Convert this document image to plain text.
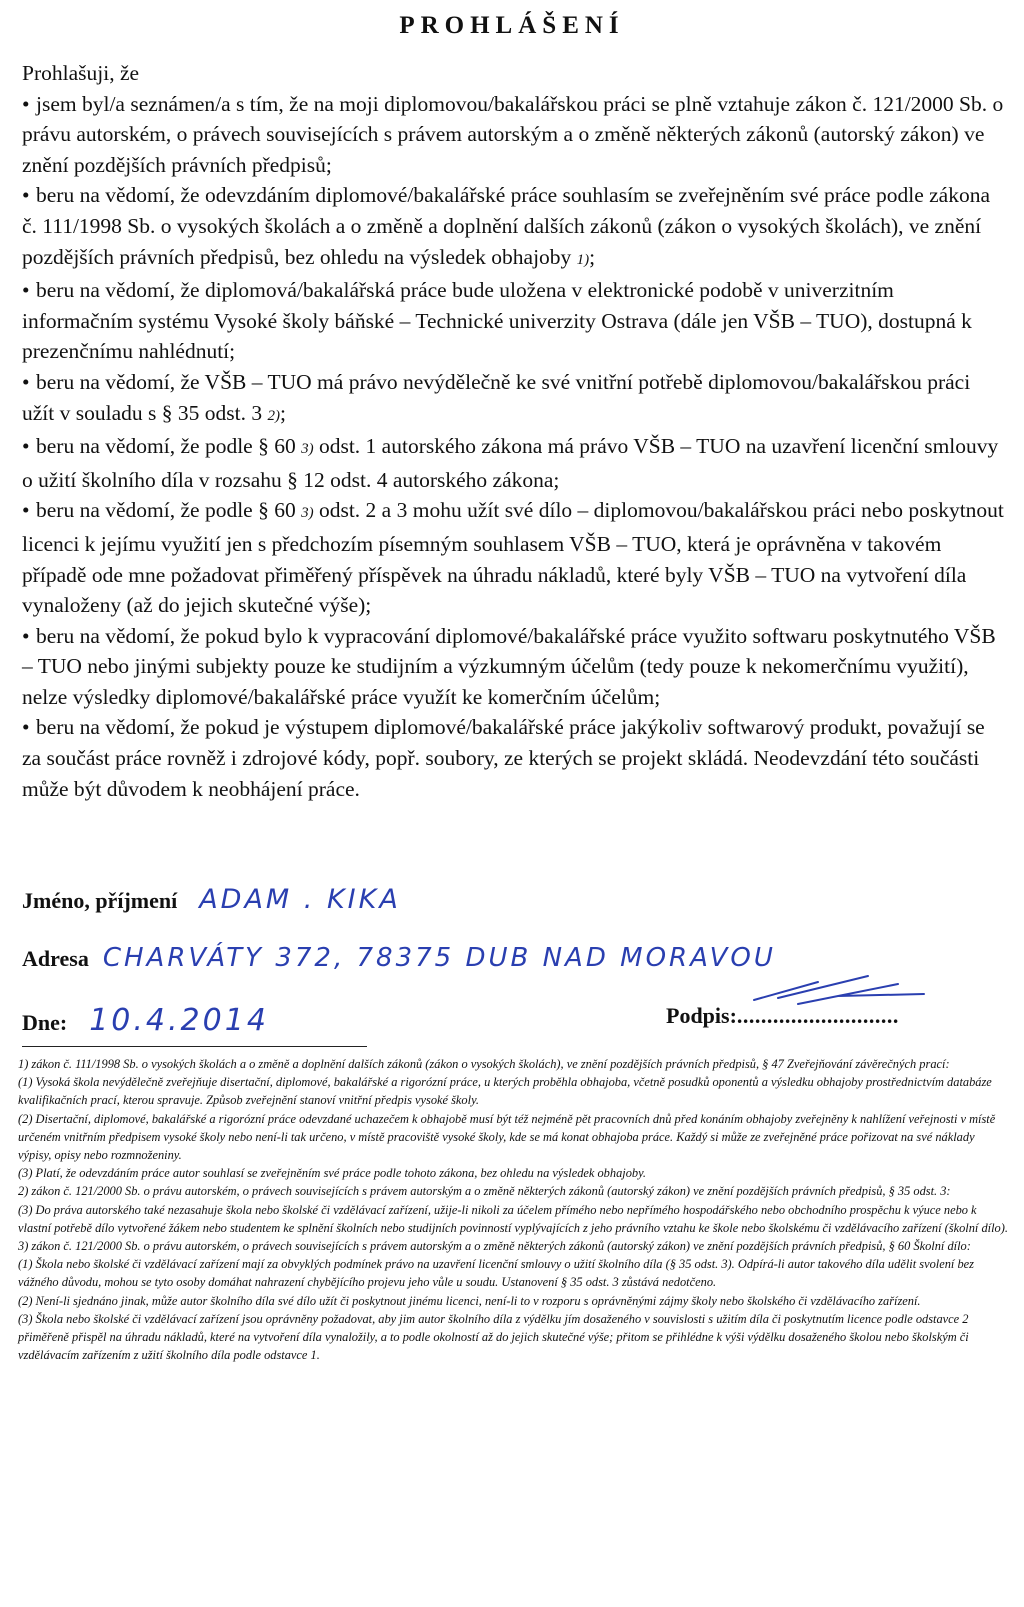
PROHLÁŠENÍ

Prohlašuji, že

• jsem byl/a seznámen/a s tím, že na moji diplomovou/bakalářskou práci se plně vztahuje zákon č. 121/2000 Sb. o právu autorském, o právech souvisejících s právem autorským a o změně některých zákonů (autorský zákon) ve znění pozdějších právních předpisů;

• beru na vědomí, že odevzdáním diplomové/bakalářské práce souhlasím se zveřejněním své práce podle zákona č. 111/1998 Sb. o vysokých školách a o změně a doplnění dalších zákonů (zákon o vysokých školách), ve znění pozdějších právních předpisů, bez ohledu na výsledek obhajoby 1);

• beru na vědomí, že diplomová/bakalářská práce bude uložena v elektronické podobě v univerzitním informačním systému Vysoké školy báňské – Technické univerzity Ostrava (dále jen VŠB – TUO), dostupná k prezenčnímu nahlédnutí;

• beru na vědomí, že VŠB – TUO má právo nevýdělečně ke své vnitřní potřebě diplomovou/bakalářskou práci užít v souladu s § 35 odst. 3 2);

• beru na vědomí, že podle § 60 3) odst. 1 autorského zákona má právo VŠB – TUO na uzavření licenční smlouvy o užití školního díla v rozsahu § 12 odst. 4 autorského zákona;

• beru na vědomí, že podle § 60 3) odst. 2 a 3 mohu užít své dílo – diplomovou/bakalářskou práci nebo poskytnout licenci k jejímu využití jen s předchozím písemným souhlasem VŠB – TUO, která je oprávněna v takovém případě ode mne požadovat přiměřený příspěvek na úhradu nákladů, které byly VŠB – TUO na vytvoření díla vynaloženy (až do jejich skutečné výše);

• beru na vědomí, že pokud bylo k vypracování diplomové/bakalářské práce využito softwaru poskytnutého VŠB – TUO nebo jinými subjekty pouze ke studijním a výzkumným účelům (tedy pouze k nekomerčnímu využití), nelze výsledky diplomové/bakalářské práce využít ke komerčním účelům;

• beru na vědomí, že pokud je výstupem diplomové/bakalářské práce jakýkoliv softwarový produkt, považují se za součást práce rovněž i zdrojové kódy, popř. soubory, ze kterých se projekt skládá. Neodevzdání této součásti může být důvodem k neobhájení práce.

Jméno, příjmení ADAM . KIKA
Adresa CHARVÁTY 372, 78375 DUB NAD MORAVOU
Dne: 10.4.2014	Podpis:...........................

1) zákon č. 111/1998 Sb. o vysokých školách a o změně a doplnění dalších zákonů (zákon o vysokých školách), ve znění pozdějších právních předpisů, § 47 Zveřejňování závěrečných prací:

(1) Vysoká škola nevýdělečně zveřejňuje disertační, diplomové, bakalářské a rigorózní práce, u kterých proběhla obhajoba, včetně posudků oponentů a výsledku obhajoby prostřednictvím databáze kvalifikačních prací, kterou spravuje. Způsob zveřejnění stanoví vnitřní předpis vysoké školy.

(2) Disertační, diplomové, bakalářské a rigorózní práce odevzdané uchazečem k obhajobě musí být též nejméně pět pracovních dnů před konáním obhajoby zveřejněny k nahlížení veřejnosti v místě určeném vnitřním předpisem vysoké školy nebo není-li tak určeno, v místě pracoviště vysoké školy, kde se má konat obhajoba práce. Každý si může ze zveřejněné práce pořizovat na své náklady výpisy, opisy nebo rozmnoženiny.

(3) Platí, že odevzdáním práce autor souhlasí se zveřejněním své práce podle tohoto zákona, bez ohledu na výsledek obhajoby.

2) zákon č. 121/2000 Sb. o právu autorském, o právech souvisejících s právem autorským a o změně některých zákonů (autorský zákon) ve znění pozdějších právních předpisů, § 35 odst. 3:

(3) Do práva autorského také nezasahuje škola nebo školské či vzdělávací zařízení, užije-li nikoli za účelem přímého nebo nepřímého hospodářského nebo obchodního prospěchu k výuce nebo k vlastní potřebě dílo vytvořené žákem nebo studentem ke splnění školních nebo studijních povinností vyplývajících z jeho právního vztahu ke škole nebo školskému či vzdělávacího zařízení (školní dílo).

3) zákon č. 121/2000 Sb. o právu autorském, o právech souvisejících s právem autorským a o změně některých zákonů (autorský zákon) ve znění pozdějších právních předpisů, § 60 Školní dílo:

(1) Škola nebo školské či vzdělávací zařízení mají za obvyklých podmínek právo na uzavření licenční smlouvy o užití školního díla (§ 35 odst. 3). Odpírá-li autor takového díla udělit svolení bez vážného důvodu, mohou se tyto osoby domáhat nahrazení chybějícího projevu jeho vůle u soudu. Ustanovení § 35 odst. 3 zůstává nedotčeno.

(2) Není-li sjednáno jinak, může autor školního díla své dílo užít či poskytnout jinému licenci, není-li to v rozporu s oprávněnými zájmy školy nebo školského či vzdělávacího zařízení.

(3) Škola nebo školské či vzdělávací zařízení jsou oprávněny požadovat, aby jim autor školního díla z výdělku jím dosaženého v souvislosti s užitím díla či poskytnutím licence podle odstavce 2 přiměřeně přispěl na úhradu nákladů, které na vytvoření díla vynaložily, a to podle okolností až do jejich skutečné výše; přitom se přihlédne k výši výdělku dosaženého školou nebo školským či vzdělávacím zařízením z užití školního díla podle odstavce 1.
